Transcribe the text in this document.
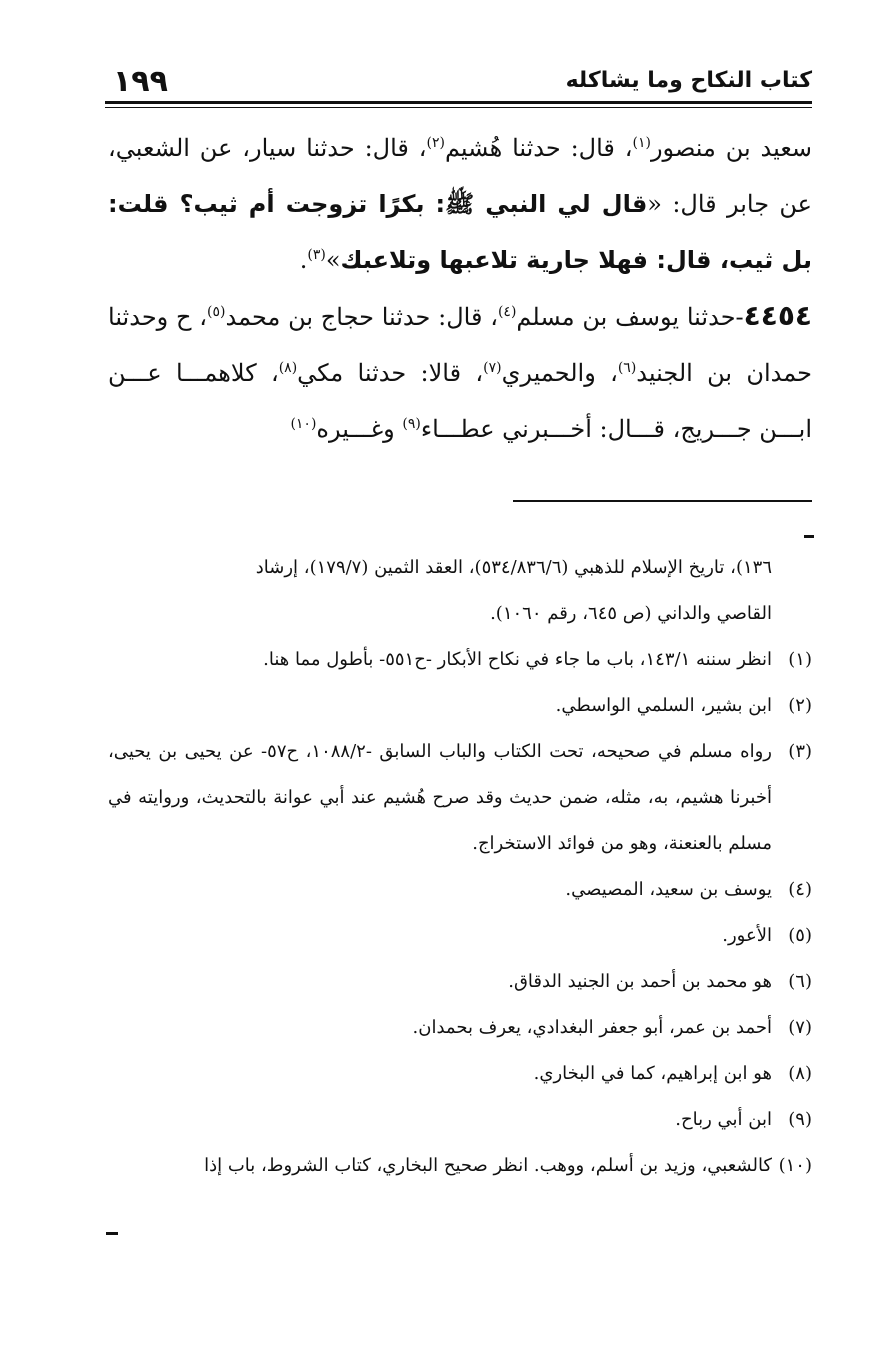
١٩٩	كتاب النكاح وما يشاكله

سعيد بن منصور$^{(١)}$، قال: حدثنا هُشيم$^{(٢)}$، قال: حدثنا سيار، عن الشعبي، عن جابر قال: «قال لي النبي ﷺ: بكرًا تزوجت أم ثيب؟ قلت: بل ثيب، قال: فهلا جارية تلاعبها وتلاعبك»$^{(٣)}$.

٤٤٥٤-حدثنا يوسف بن مسلم$^{(٤)}$، قال: حدثنا حجاج بن محمد$^{(٥)}$، ح وحدثنا حمدان بن الجنيد$^{(٦)}$، والحميري$^{(٧)}$، قالا: حدثنا مكي$^{(٨)}$، كلاهمـــا عـــن ابـــن جـــريج، قـــال: أخـــبرني عطـــاء$^{(٩)}$ وغـــيره$^{(١٠)}$

١٣٦)، تاريخ الإسلام للذهبي (٥٣٤/٨٣٦/٦)، العقد الثمين (١٧٩/٧)، إرشاد

القاصي والداني (ص ٦٤٥، رقم ١٠٦٠).

(١)انظر سننه ١٤٣/١، باب ما جاء في نكاح الأبكار -ح٥٥١- بأطول مما هنا.

(٢)ابن بشير، السلمي الواسطي.

(٣)رواه مسلم في صحيحه، تحت الكتاب والباب السابق -١٠٨٨/٢، ح٥٧- عن يحيى بن يحيى، أخبرنا هشيم، به، مثله، ضمن حديث وقد صرح هُشيم عند أبي عوانة بالتحديث، وروايته في مسلم بالعنعنة، وهو من فوائد الاستخراج.

(٤)يوسف بن سعيد، المصيصي.

(٥)الأعور.

(٦)هو محمد بن أحمد بن الجنيد الدقاق.

(٧)أحمد بن عمر، أبو جعفر البغدادي، يعرف بحمدان.

(٨)هو ابن إبراهيم، كما في البخاري.

(٩)ابن أبي رباح.

(١٠)كالشعبي، وزيد بن أسلم، ووهب. انظر صحيح البخاري، كتاب الشروط، باب إذا
